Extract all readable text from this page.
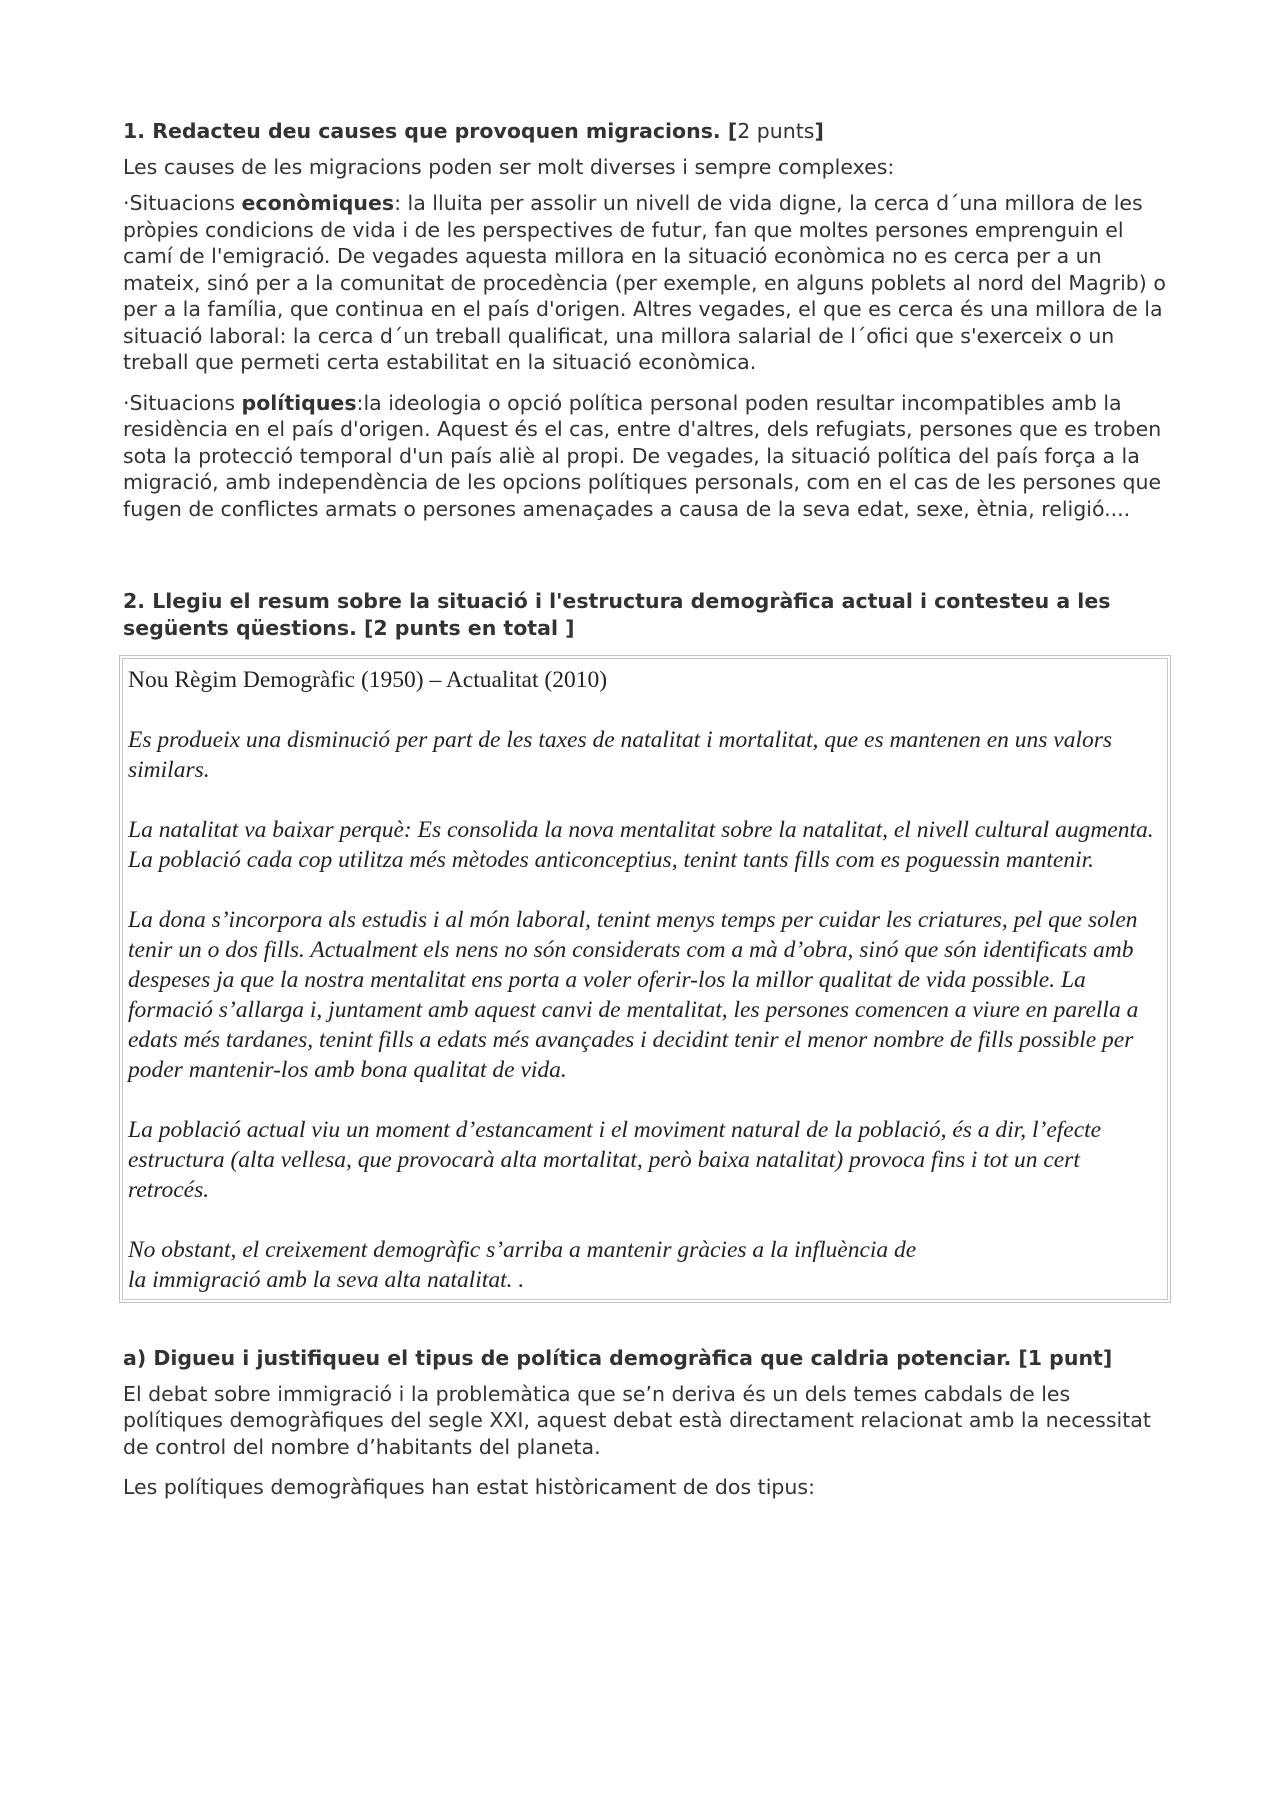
1. Redacteu deu causes que provoquen migracions. [2 punts]

Les causes de les migracions poden ser molt diverses i sempre complexes:

·Situacions econòmiques: la lluita per assolir un nivell de vida digne, la cerca d´una millora de les pròpies condicions de vida i de les perspectives de futur, fan que moltes persones emprenguin el camí de l'emigració. De vegades aquesta millora en la situació econòmica no es cerca per a un mateix, sinó per a la comunitat de procedència (per exemple, en alguns poblets al nord del Magrib) o per a la família, que continua en el país d'origen. Altres vegades, el que es cerca és una millora de la situació laboral: la cerca d´un treball qualificat, una millora salarial de l´ofici que s'exerceix o un treball que permeti certa estabilitat en la situació econòmica.

·Situacions polítiques:la ideologia o opció política personal poden resultar incompatibles amb la residència en el país d'origen. Aquest és el cas, entre d'altres, dels refugiats, persones que es troben sota la protecció temporal d'un país aliè al propi. De vegades, la situació política del país força a la migració, amb independència de les opcions polítiques personals, com en el cas de les persones que fugen de conflictes armats o persones amenaçades a causa de la seva edat, sexe, ètnia, religió....

2. Llegiu el resum sobre la situació i l'estructura demogràfica actual i contesteu a les següents qüestions. [2 punts en total ]

Nou Règim Demogràfic (1950) – Actualitat (2010)

Es produeix una disminució per part de les taxes de natalitat i mortalitat, que es mantenen en uns valors similars.

La natalitat va baixar perquè: Es consolida la nova mentalitat sobre la natalitat, el nivell cultural augmenta. La població cada cop utilitza més mètodes anticonceptius, tenint tants fills com es poguessin mantenir.

La dona s’incorpora als estudis i al món laboral, tenint menys temps per cuidar les criatures, pel que solen tenir un o dos fills. Actualment els nens no són considerats com a mà d’obra, sinó que són identificats amb despeses ja que la nostra mentalitat ens porta a voler oferir-los la millor qualitat de vida possible. La formació s’allarga i, juntament amb aquest canvi de mentalitat, les persones comencen a viure en parella a edats més tardanes, tenint fills a edats més avançades i decidint tenir el menor nombre de fills possible per poder mantenir-los amb bona qualitat de vida.

La població actual viu un moment d’estancament i el moviment natural de la població, és a dir, l’efecte estructura (alta vellesa, que provocarà alta mortalitat, però baixa natalitat) provoca fins i tot un cert retrocés.

No obstant, el creixement demogràfic s’arriba a mantenir gràcies a la influència de
la immigració amb la seva alta natalitat. .

a) Digueu i justifiqueu el tipus de política demogràfica que caldria potenciar. [1 punt]

El debat sobre immigració i la problemàtica que se’n deriva és un dels temes cabdals de les polítiques demogràfiques del segle XXI, aquest debat està directament relacionat amb la necessitat de control del nombre d’habitants del planeta.

Les polítiques demogràfiques han estat històricament de dos tipus:
